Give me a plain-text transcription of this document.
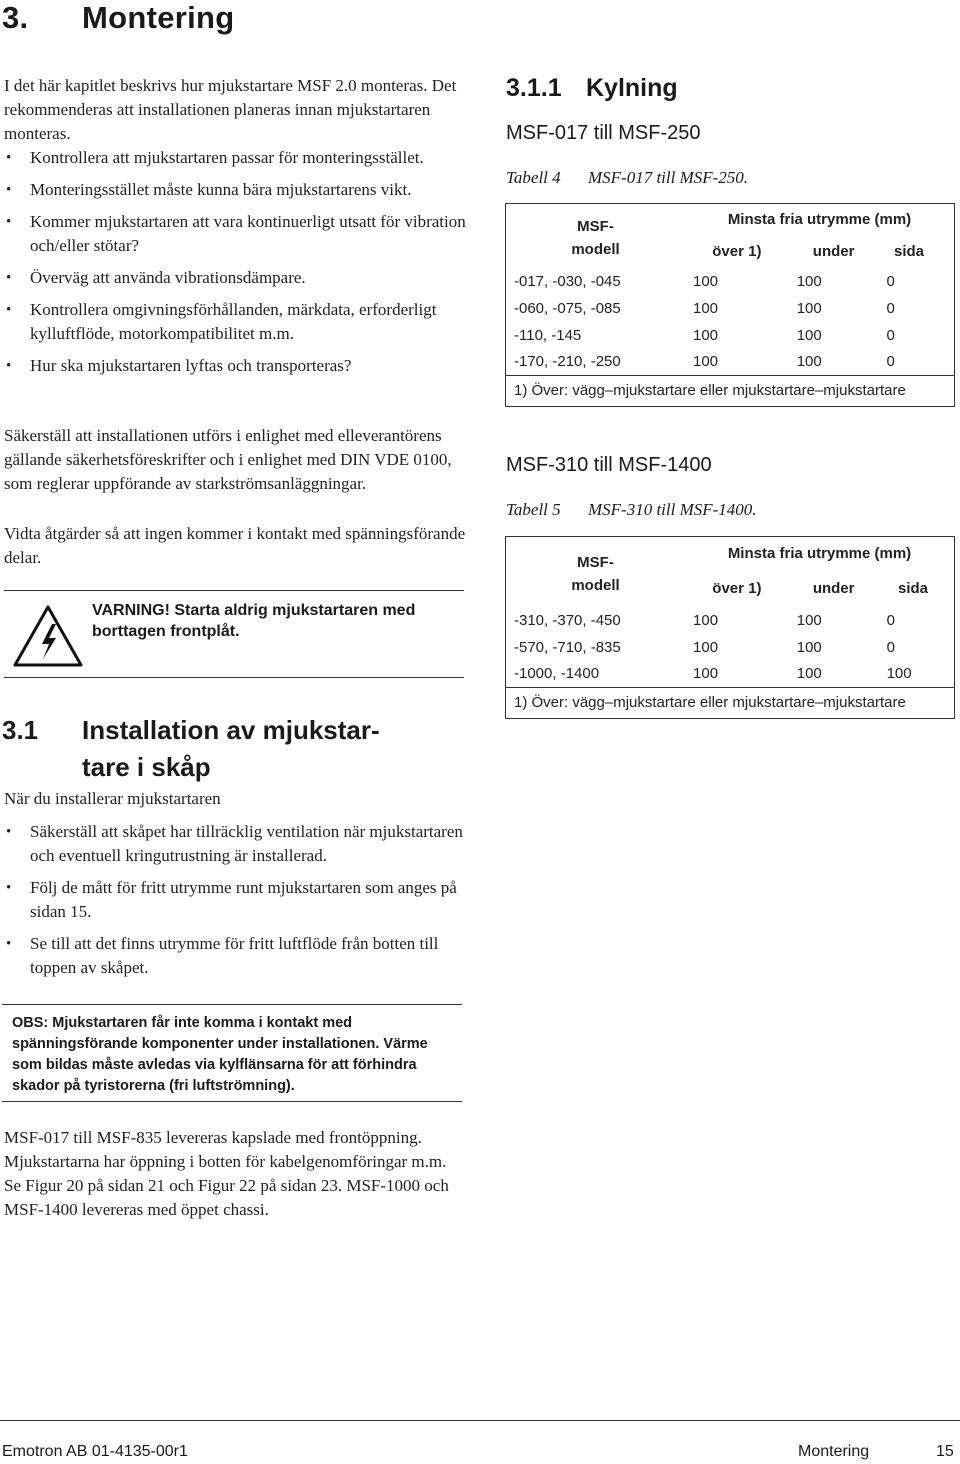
3. Montering

I det här kapitlet beskrivs hur mjukstartare MSF 2.0 monteras. Det rekommenderas att installationen planeras innan mjukstartaren monteras.

• Kontrollera att mjukstartaren passar för monteringsstället.
• Monteringsstället måste kunna bära mjukstartarens vikt.
• Kommer mjukstartaren att vara kontinuerligt utsatt för vibration och/eller stötar?
• Överväg att använda vibrationsdämpare.
• Kontrollera omgivningsförhållanden, märkdata, erforderligt kylluftflöde, motorkompatibilitet m.m.
• Hur ska mjukstartaren lyftas och transporteras?

Säkerställ att installationen utförs i enlighet med elleverantörens gällande säkerhetsföreskrifter och i enlighet med DIN VDE 0100, som reglerar uppförande av starkströmsanläggningar.

Vidta åtgärder så att ingen kommer i kontakt med spänningsförande delar.

VARNING! Starta aldrig mjukstartaren med borttagen frontplåt.
3.1 Installation av mjukstar-
tare i skåp

När du installerar mjukstartaren

• Säkerställ att skåpet har tillräcklig ventilation när mjukstartaren och eventuell kringutrustning är installerad.
• Följ de mått för fritt utrymme runt mjukstartaren som anges på sidan 15.
• Se till att det finns utrymme för fritt luftflöde från botten till toppen av skåpet.
OBS: Mjukstartaren får inte komma i kontakt med spänningsförande komponenter under installationen. Värme som bildas måste avledas via kylflänsarna för att förhindra skador på tyristorerna (fri luftströmning).

MSF-017 till MSF-835 levereras kapslade med frontöppning. Mjukstartarna har öppning i botten för kabelgenomföringar m.m. Se Figur 20 på sidan 21 och Figur 22 på sidan 23. MSF-1000 och MSF-1400 levereras med öppet chassi.

3.1.1 Kylning
MSF-017 till MSF-250
Tabell 4 MSF-017 till MSF-250.
MSF-
modell	Minsta fria utrymme (mm)		
	över 1)	under	sida
-017, -030, -045	100	100	0
-060, -075, -085	100	100	0
-110, -145	100	100	0
-170, -210, -250	100	100	0
1) Över: vägg–mjukstartare eller mjukstartare–mjukstartare			
MSF-310 till MSF-1400
Tabell 5 MSF-310 till MSF-1400.
MSF-
modell	Minsta fria utrymme (mm)		
	över 1)	under	sida
-310, -370, -450	100	100	0
-570, -710, -835	100	100	0
-1000, -1400	100	100	100
1) Över: vägg–mjukstartare eller mjukstartare–mjukstartare			
Emotron AB 01-4135-00r1	Montering	15
